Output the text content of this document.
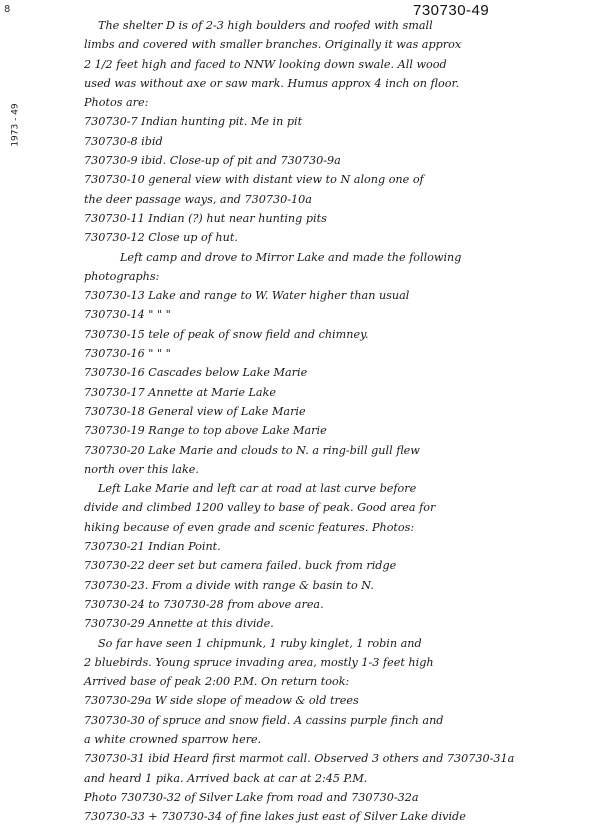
8	730730-49
1973 - 49
The shelter D is of 2-3 high boulders and roofed with small
limbs and covered with smaller branches. Originally it was approx
2 1/2 feet high and faced to NNW looking down swale. All wood
used was without axe or saw mark. Humus approx 4 inch on floor.
Photos are:
730730-7 Indian hunting pit. Me in pit
730730-8 ibid
730730-9 ibid. Close-up of pit and 730730-9a
730730-10 general view with distant view to N along one of
the deer passage ways, and 730730-10a
730730-11 Indian (?) hut near hunting pits
730730-12 Close up of hut.
Left camp and drove to Mirror Lake and made the following
photographs:
730730-13 Lake and range to W. Water higher than usual
730730-14 " " "
730730-15 tele of peak of snow field and chimney.
730730-16 " " "
730730-16 Cascades below Lake Marie
730730-17 Annette at Marie Lake
730730-18 General view of Lake Marie
730730-19 Range to top above Lake Marie
730730-20 Lake Marie and clouds to N. a ring-bill gull flew
north over this lake.
Left Lake Marie and left car at road at last curve before
divide and climbed 1200 valley to base of peak. Good area for
hiking because of even grade and scenic features. Photos:
730730-21 Indian Point.
730730-22 deer set but camera failed. buck from ridge
730730-23. From a divide with range & basin to N.
730730-24 to 730730-28 from above area.
730730-29 Annette at this divide.
So far have seen 1 chipmunk, 1 ruby kinglet, 1 robin and
2 bluebirds. Young spruce invading area, mostly 1-3 feet high
Arrived base of peak 2:00 P.M. On return took:
730730-29a W side slope of meadow & old trees
730730-30 of spruce and snow field. A cassins purple finch and
a white crowned sparrow here.
730730-31 ibid Heard first marmot call. Observed 3 others and 730730-31a
and heard 1 pika. Arrived back at car at 2:45 P.M.
Photo 730730-32 of Silver Lake from road and 730730-32a
730730-33 + 730730-34 of fine lakes just east of Silver Lake divide
